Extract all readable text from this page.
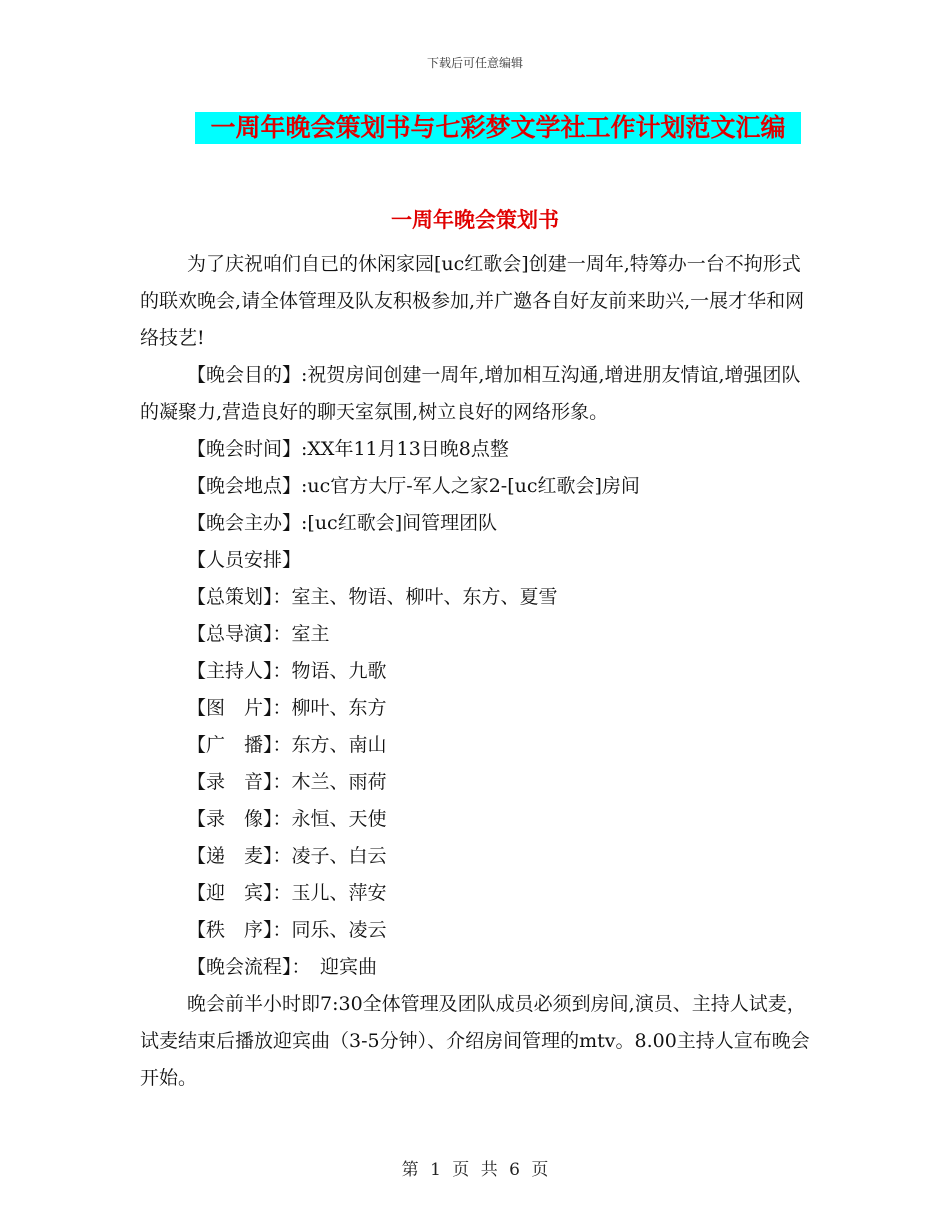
下载后可任意编辑
一周年晚会策划书与七彩梦文学社工作计划范文汇编
一周年晚会策划书

为了庆祝咱们自已的休闲家园[uc红歌会]创建一周年,特筹办一台不拘形式的联欢晚会,请全体管理及队友积极参加,并广邀各自好友前来助兴,一展才华和网络技艺!

【晚会目的】:祝贺房间创建一周年,增加相互沟通,增进朋友情谊,增强团队的凝聚力,营造良好的聊天室氛围,树立良好的网络形象。

【晚会时间】:XX年11月13日晚8点整

【晚会地点】:uc官方大厅-军人之家2-[uc红歌会]房间

【晚会主办】:[uc红歌会]间管理团队

【人员安排】

【总策划】：室主、物语、柳叶、东方、夏雪

【总导演】：室主

【主持人】：物语、九歌

【图　片】：柳叶、东方

【广　播】：东方、南山

【录　音】：木兰、雨荷

【录　像】：永恒、天使

【递　麦】：凌子、白云

【迎　宾】：玉儿、萍安

【秩　序】：同乐、凌云

【晚会流程】：　迎宾曲

晚会前半小时即7:30全体管理及团队成员必须到房间,演员、主持人试麦，试麦结束后播放迎宾曲（3-5分钟）、介绍房间管理的mtv。8.00主持人宣布晚会开始。

第 1 页 共 6 页
